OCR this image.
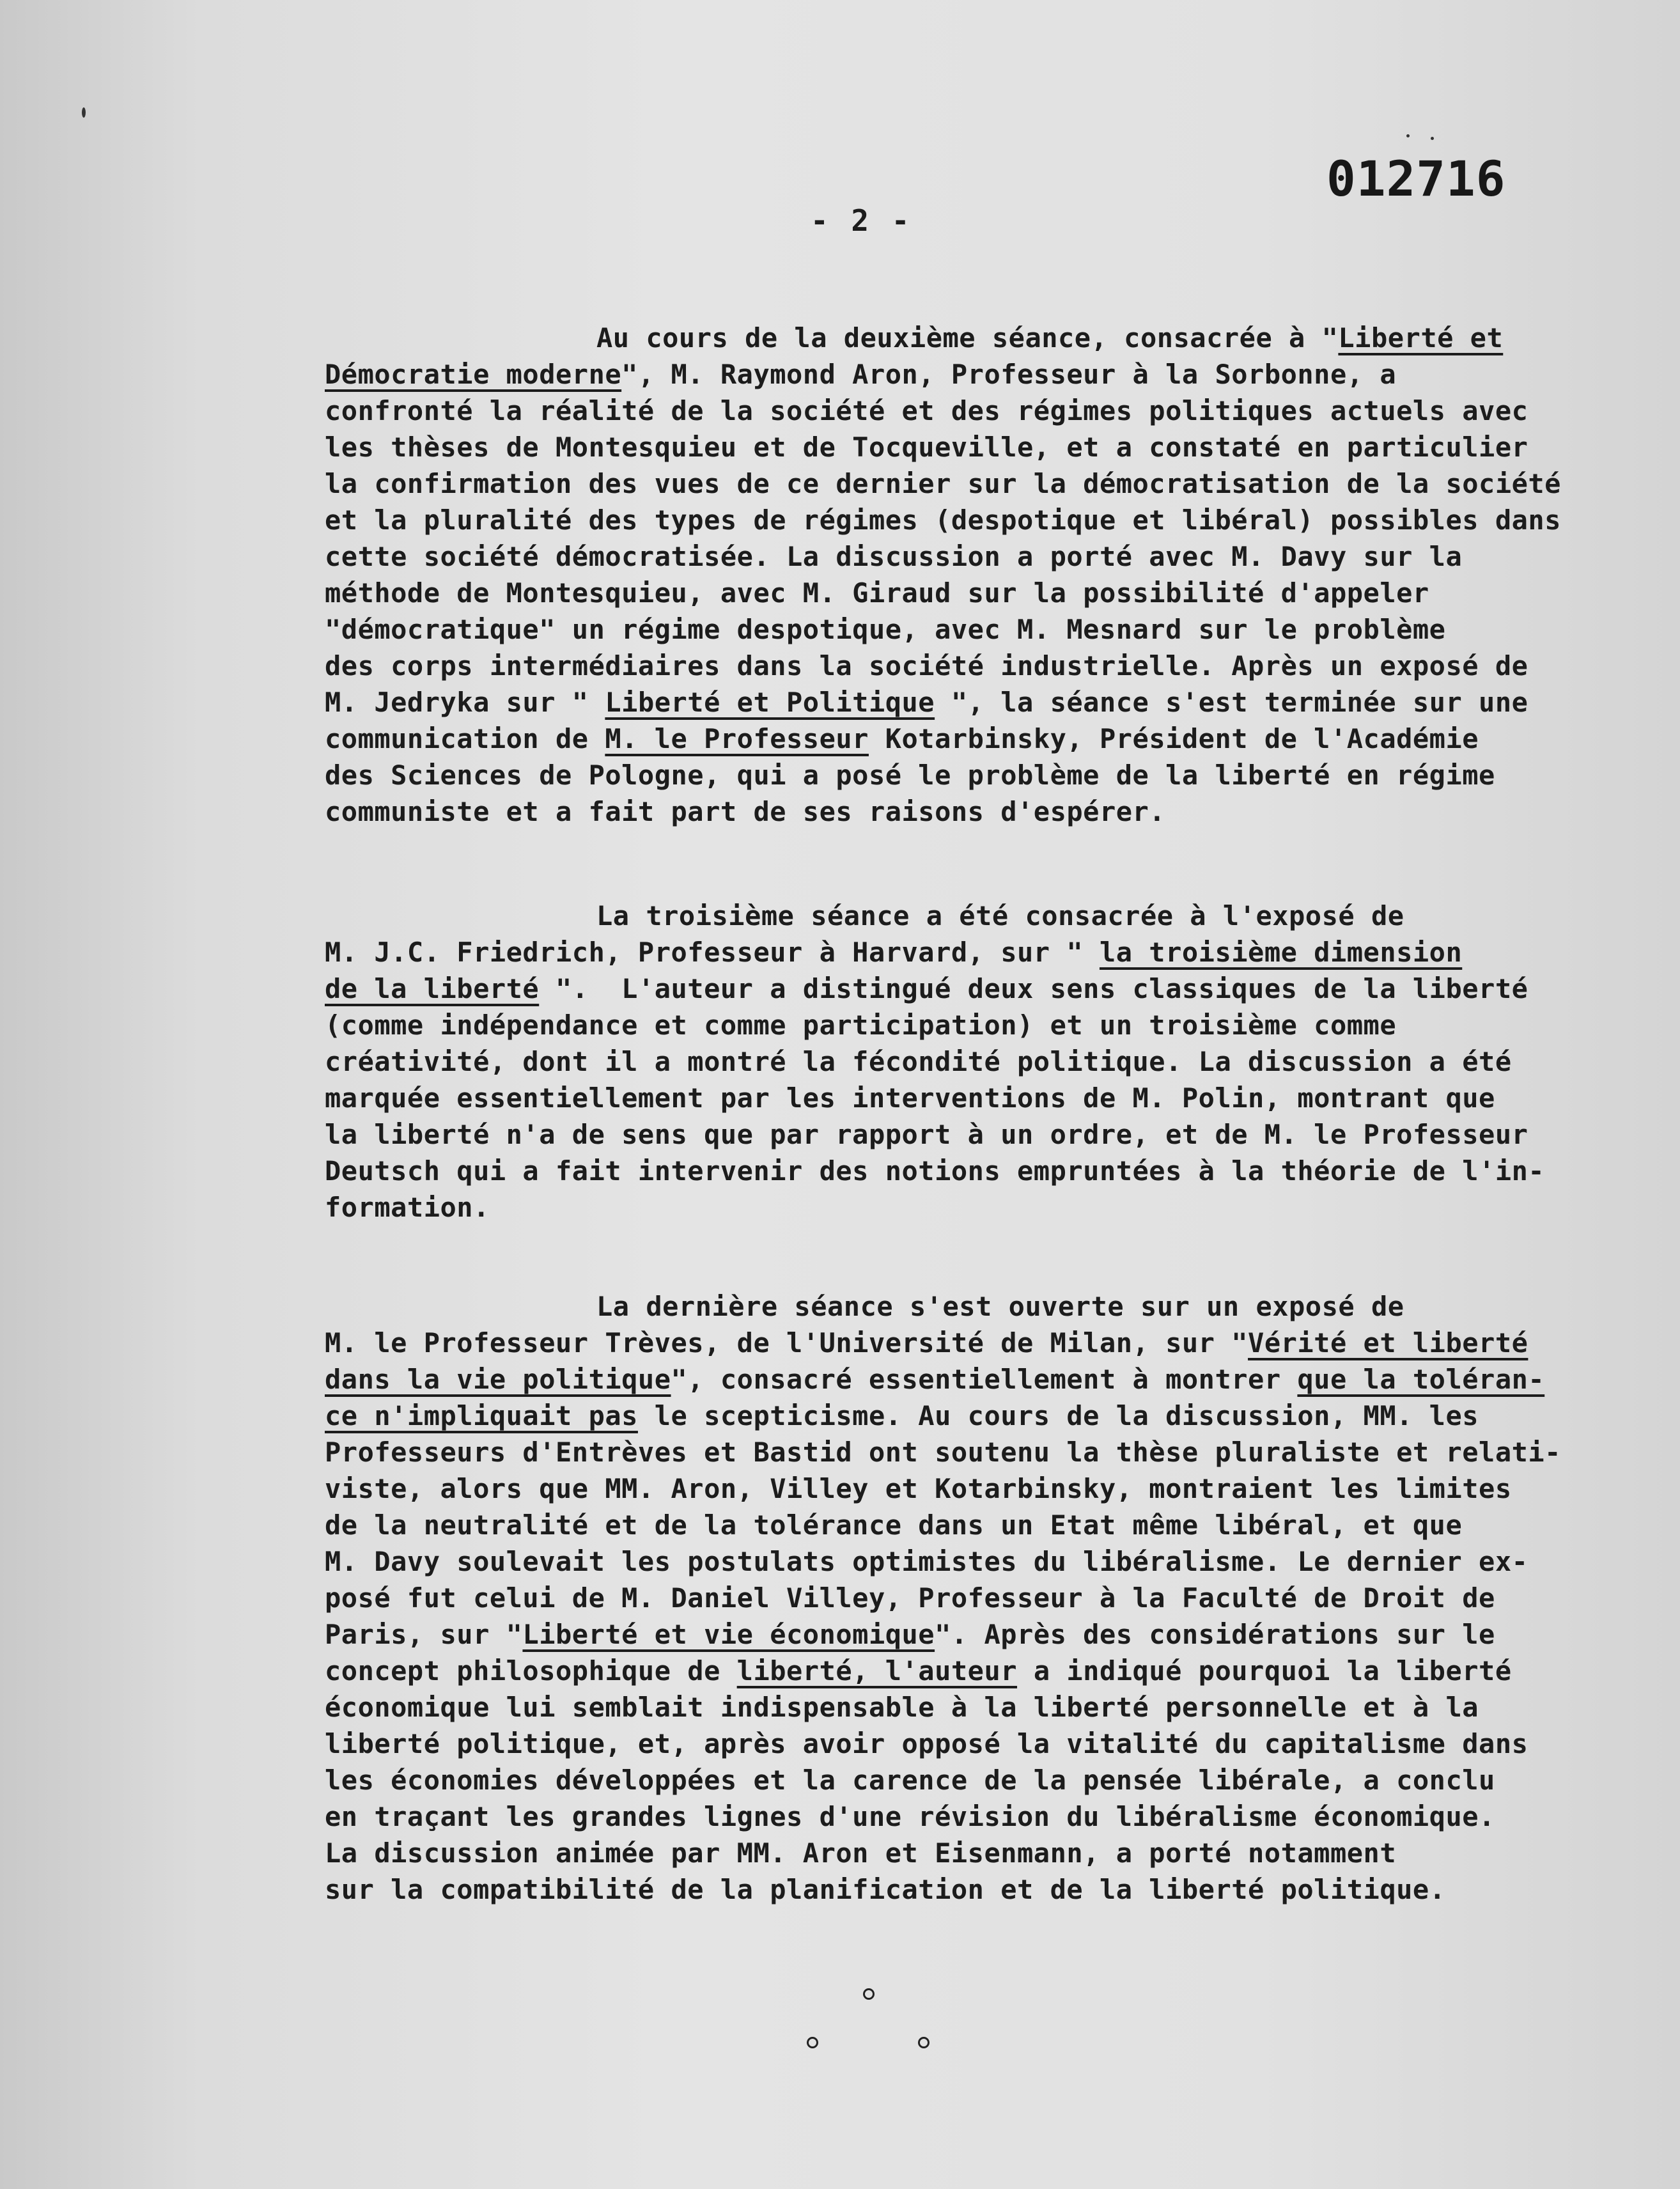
012716
- 2 -
Au cours de la deuxième séance, consacrée à "Liberté et
Démocratie moderne", M. Raymond Aron, Professeur à la Sorbonne, a
confronté la réalité de la société et des régimes politiques actuels avec
les thèses de Montesquieu et de Tocqueville, et a constaté en particulier
la confirmation des vues de ce dernier sur la démocratisation de la société
et la pluralité des types de régimes (despotique et libéral) possibles dans
cette société démocratisée. La discussion a porté avec M. Davy sur la
méthode de Montesquieu, avec M. Giraud sur la possibilité d'appeler
"démocratique" un régime despotique, avec M. Mesnard sur le problème
des corps intermédiaires dans la société industrielle. Après un exposé de
M. Jedryka sur " Liberté et Politique ", la séance s'est terminée sur une
communication de M. le Professeur Kotarbinsky, Président de l'Académie
des Sciences de Pologne, qui a posé le problème de la liberté en régime
communiste et a fait part de ses raisons d'espérer.
La troisième séance a été consacrée à l'exposé de
M. J.C. Friedrich, Professeur à Harvard, sur " la troisième dimension
de la liberté ".  L'auteur a distingué deux sens classiques de la liberté
(comme indépendance et comme participation) et un troisième comme
créativité, dont il a montré la fécondité politique. La discussion a été
marquée essentiellement par les interventions de M. Polin, montrant que
la liberté n'a de sens que par rapport à un ordre, et de M. le Professeur
Deutsch qui a fait intervenir des notions empruntées à la théorie de l'in-
formation.
La dernière séance s'est ouverte sur un exposé de
M. le Professeur Trèves, de l'Université de Milan, sur "Vérité et liberté
dans la vie politique", consacré essentiellement à montrer que la toléran-
ce n'impliquait pas le scepticisme. Au cours de la discussion, MM. les
Professeurs d'Entrèves et Bastid ont soutenu la thèse pluraliste et relati-
viste, alors que MM. Aron, Villey et Kotarbinsky, montraient les limites
de la neutralité et de la tolérance dans un Etat même libéral, et que
M. Davy soulevait les postulats optimistes du libéralisme. Le dernier ex-
posé fut celui de M. Daniel Villey, Professeur à la Faculté de Droit de
Paris, sur "Liberté et vie économique". Après des considérations sur le
concept philosophique de liberté, l'auteur a indiqué pourquoi la liberté
économique lui semblait indispensable à la liberté personnelle et à la
liberté politique, et, après avoir opposé la vitalité du capitalisme dans
les économies développées et la carence de la pensée libérale, a conclu
en traçant les grandes lignes d'une révision du libéralisme économique.
La discussion animée par MM. Aron et Eisenmann, a porté notamment
sur la compatibilité de la planification et de la liberté politique.
